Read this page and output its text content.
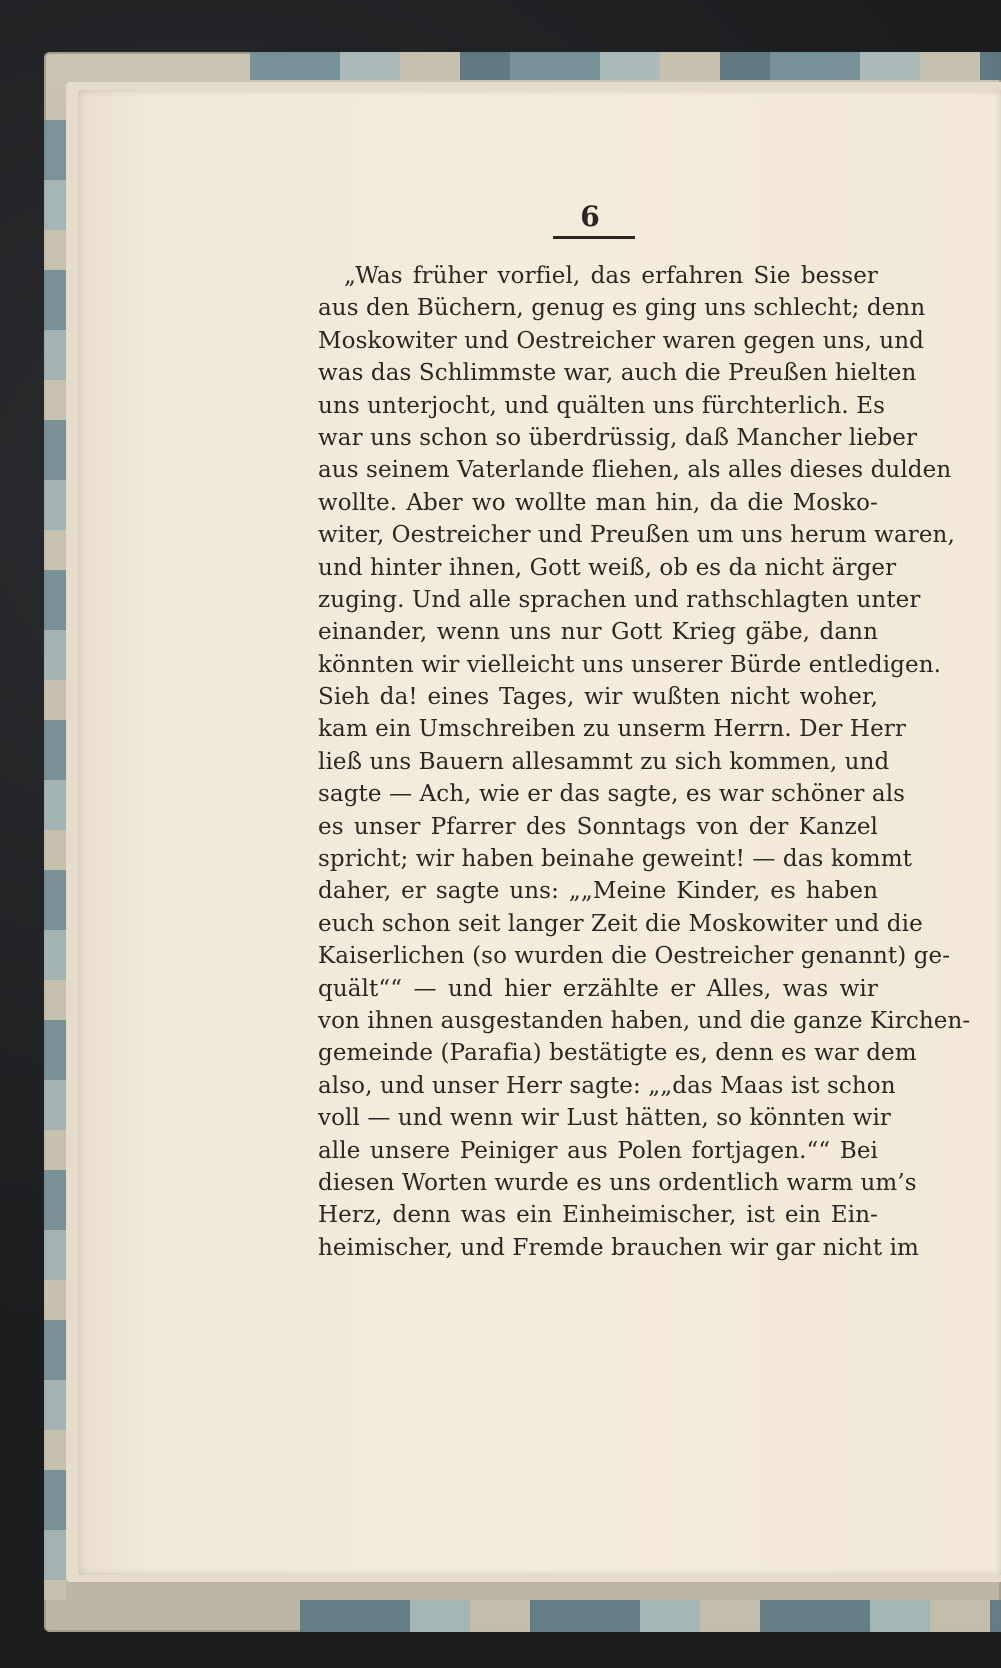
6
„Was früher vorfiel, das erfahren Sie besser
aus den Büchern, genug es ging uns schlecht; denn
Moskowiter und Oestreicher waren gegen uns, und
was das Schlimmste war, auch die Preußen hielten
uns unterjocht, und quälten uns fürchterlich. Es
war uns schon so überdrüssig, daß Mancher lieber
aus seinem Vaterlande fliehen, als alles dieses dulden
wollte. Aber wo wollte man hin, da die Mosko-
witer, Oestreicher und Preußen um uns herum waren,
und hinter ihnen, Gott weiß, ob es da nicht ärger
zuging. Und alle sprachen und rathschlagten unter
einander, wenn uns nur Gott Krieg gäbe, dann
könnten wir vielleicht uns unserer Bürde entledigen.
Sieh da! eines Tages, wir wußten nicht woher,
kam ein Umschreiben zu unserm Herrn. Der Herr
ließ uns Bauern allesammt zu sich kommen, und
sagte — Ach, wie er das sagte, es war schöner als
es unser Pfarrer des Sonntags von der Kanzel
spricht; wir haben beinahe geweint! — das kommt
daher, er sagte uns: „„Meine Kinder, es haben
euch schon seit langer Zeit die Moskowiter und die
Kaiserlichen (so wurden die Oestreicher genannt) ge-
quält““ — und hier erzählte er Alles, was wir
von ihnen ausgestanden haben, und die ganze Kirchen-
gemeinde (Parafia) bestätigte es, denn es war dem
also, und unser Herr sagte: „„das Maas ist schon
voll — und wenn wir Lust hätten, so könnten wir
alle unsere Peiniger aus Polen fortjagen.““ Bei
diesen Worten wurde es uns ordentlich warm um’s
Herz, denn was ein Einheimischer, ist ein Ein-
heimischer, und Fremde brauchen wir gar nicht im
